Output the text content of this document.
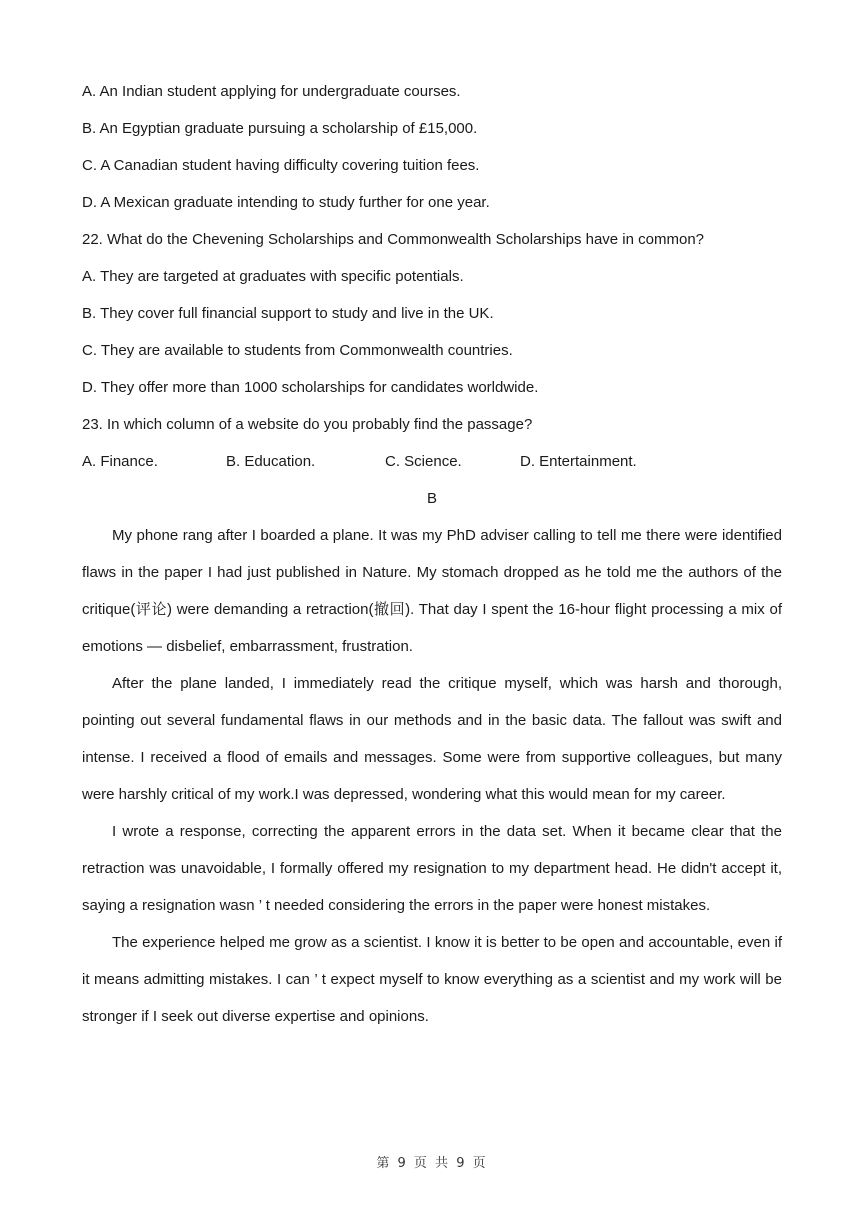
A. An Indian student applying for undergraduate courses.
B. An Egyptian graduate pursuing a scholarship of £15,000.
C. A Canadian student having difficulty covering tuition fees.
D. A Mexican graduate intending to study further for one year.
22. What do the Chevening Scholarships and Commonwealth Scholarships have in common?
A. They are targeted at graduates with specific potentials.
B. They cover full financial support to study and live in the UK.
C. They are available to students from Commonwealth countries.
D. They offer more than 1000 scholarships for candidates worldwide.
23. In which column of a website do you probably find the passage?
A. Finance.	B. Education.	C. Science.	D. Entertainment.
B

My phone rang after I boarded a plane. It was my PhD adviser calling to tell me there were identified flaws in the paper I had just published in Nature. My stomach dropped as he told me the authors of the critique(评论) were demanding a retraction(撤回). That day I spent the 16-hour flight processing a mix of emotions — disbelief, embarrassment, frustration.

After the plane landed, I immediately read the critique myself, which was harsh and thorough, pointing out several fundamental flaws in our methods and in the basic data. The fallout was swift and intense. I received a flood of emails and messages. Some were from supportive colleagues, but many were harshly critical of my work.I was depressed, wondering what this would mean for my career.

I wrote a response, correcting the apparent errors in the data set. When it became clear that the retraction was unavoidable, I formally offered my resignation to my department head. He didn't accept it, saying a resignation wasn ’ t needed considering the errors in the paper were honest mistakes.

The experience helped me grow as a scientist. I know it is better to be open and accountable, even if it means admitting mistakes. I can ’ t expect myself to know everything as a scientist and my work will be stronger if I seek out diverse expertise and opinions.

第 9 页 共 9 页
